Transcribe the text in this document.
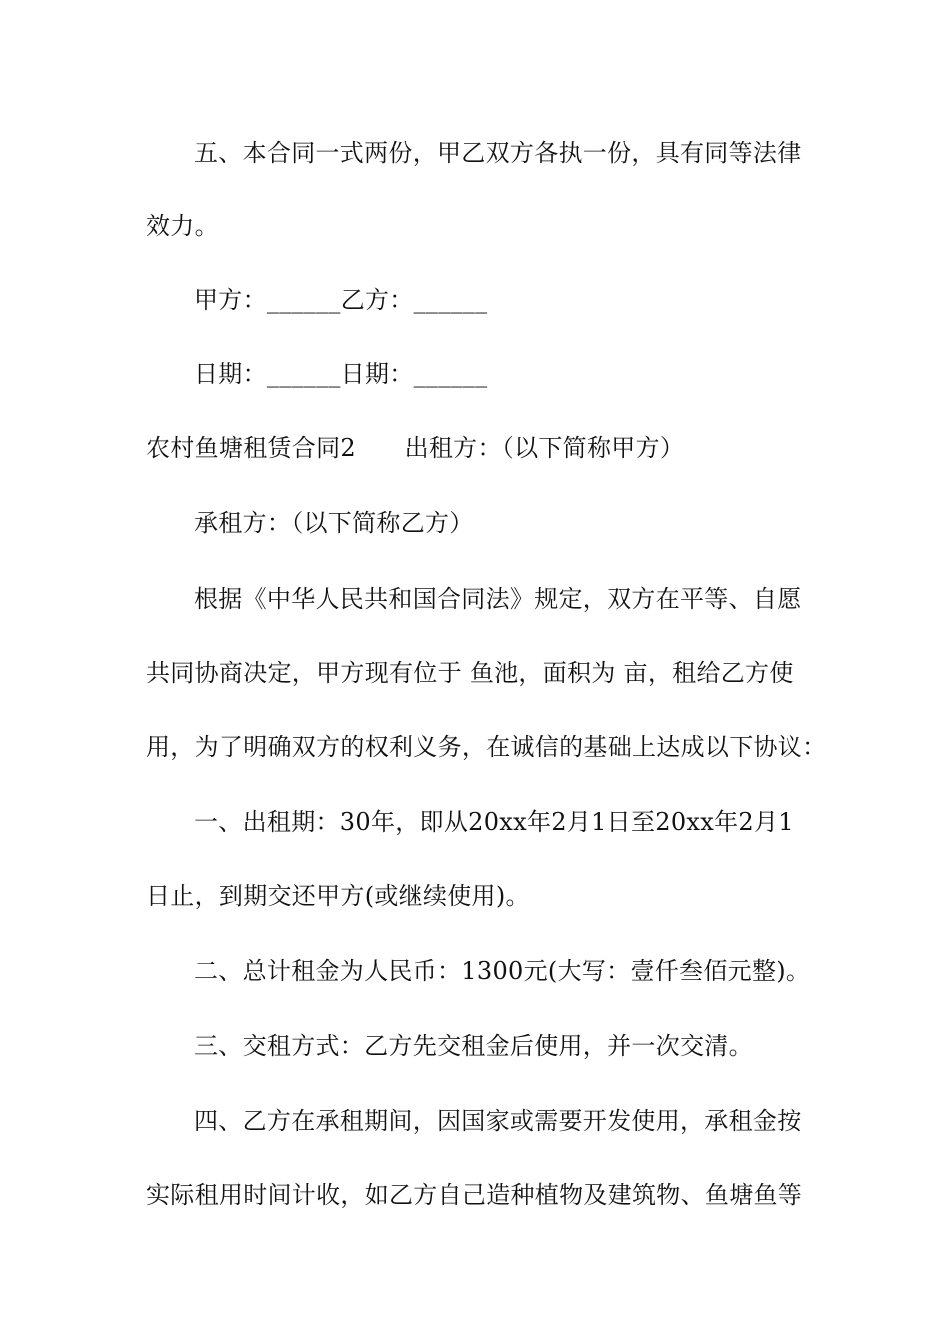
五、本合同一式两份，甲乙双方各执一份，具有同等法律
效力。
甲方：______乙方：______
日期：______日期：______
农村鱼塘租赁合同2　　出租方：（以下简称甲方）
承租方：（以下简称乙方）
根据《中华人民共和国合同法》规定，双方在平等、自愿
共同协商决定，甲方现有位于 鱼池，面积为 亩，租给乙方使
用，为了明确双方的权利义务，在诚信的基础上达成以下协议：
一、出租期：30年，即从20xx年2月1日至20xx年2月1
日止，到期交还甲方(或继续使用)。
二、总计租金为人民币：1300元(大写：壹仟叁佰元整)。
三、交租方式：乙方先交租金后使用，并一次交清。
四、乙方在承租期间，因国家或需要开发使用，承租金按
实际租用时间计收，如乙方自己造种植物及建筑物、鱼塘鱼等
